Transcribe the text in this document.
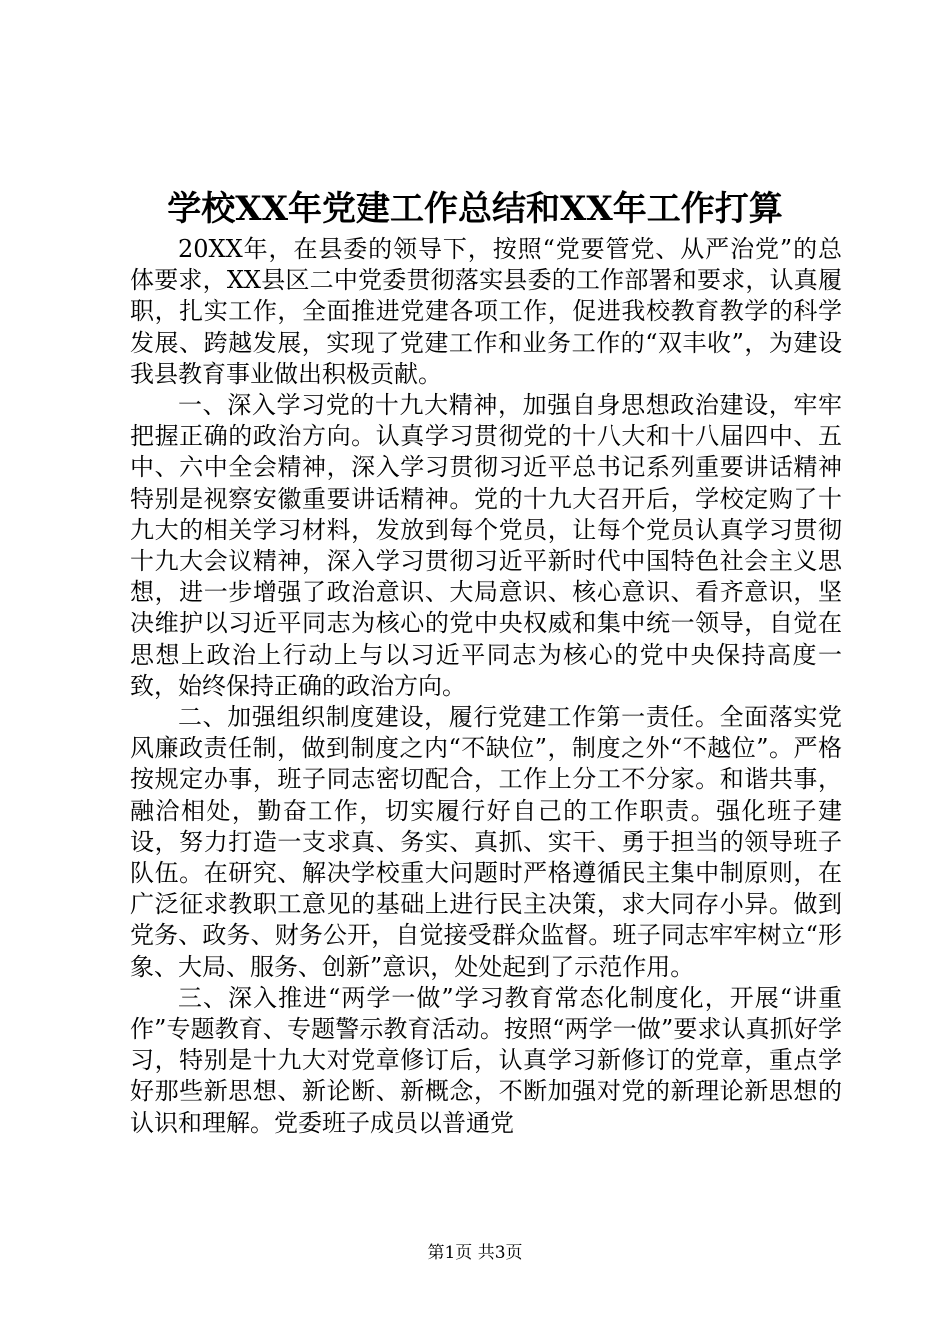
学校XX年党建工作总结和XX年工作打算

20XX年，在县委的领导下，按照“党要管党、从严治党”的总体要求，XX县区二中党委贯彻落实县委的工作部署和要求，认真履职，扎实工作，全面推进党建各项工作，促进我校教育教学的科学发展、跨越发展，实现了党建工作和业务工作的“双丰收”，为建设我县教育事业做出积极贡献。

一、深入学习党的十九大精神，加强自身思想政治建设，牢牢把握正确的政治方向。认真学习贯彻党的十八大和十八届四中、五中、六中全会精神，深入学习贯彻习近平总书记系列重要讲话精神特别是视察安徽重要讲话精神。党的十九大召开后，学校定购了十九大的相关学习材料，发放到每个党员，让每个党员认真学习贯彻十九大会议精神，深入学习贯彻习近平新时代中国特色社会主义思想，进一步增强了政治意识、大局意识、核心意识、看齐意识，坚决维护以习近平同志为核心的党中央权威和集中统一领导，自觉在思想上政治上行动上与以习近平同志为核心的党中央保持高度一致，始终保持正确的政治方向。

二、加强组织制度建设，履行党建工作第一责任。全面落实党风廉政责任制，做到制度之内“不缺位”，制度之外“不越位”。严格按规定办事，班子同志密切配合，工作上分工不分家。和谐共事，融洽相处，勤奋工作，切实履行好自己的工作职责。强化班子建设，努力打造一支求真、务实、真抓、实干、勇于担当的领导班子队伍。在研究、解决学校重大问题时严格遵循民主集中制原则，在广泛征求教职工意见的基础上进行民主决策，求大同存小异。做到党务、政务、财务公开，自觉接受群众监督。班子同志牢牢树立“形象、大局、服务、创新”意识，处处起到了示范作用。

三、深入推进“两学一做”学习教育常态化制度化，开展“讲重作”专题教育、专题警示教育活动。按照“两学一做”要求认真抓好学习，特别是十九大对党章修订后，认真学习新修订的党章，重点学好那些新思想、新论断、新概念，不断加强对党的新理论新思想的认识和理解。党委班子成员以普通党

第1页 共3页
